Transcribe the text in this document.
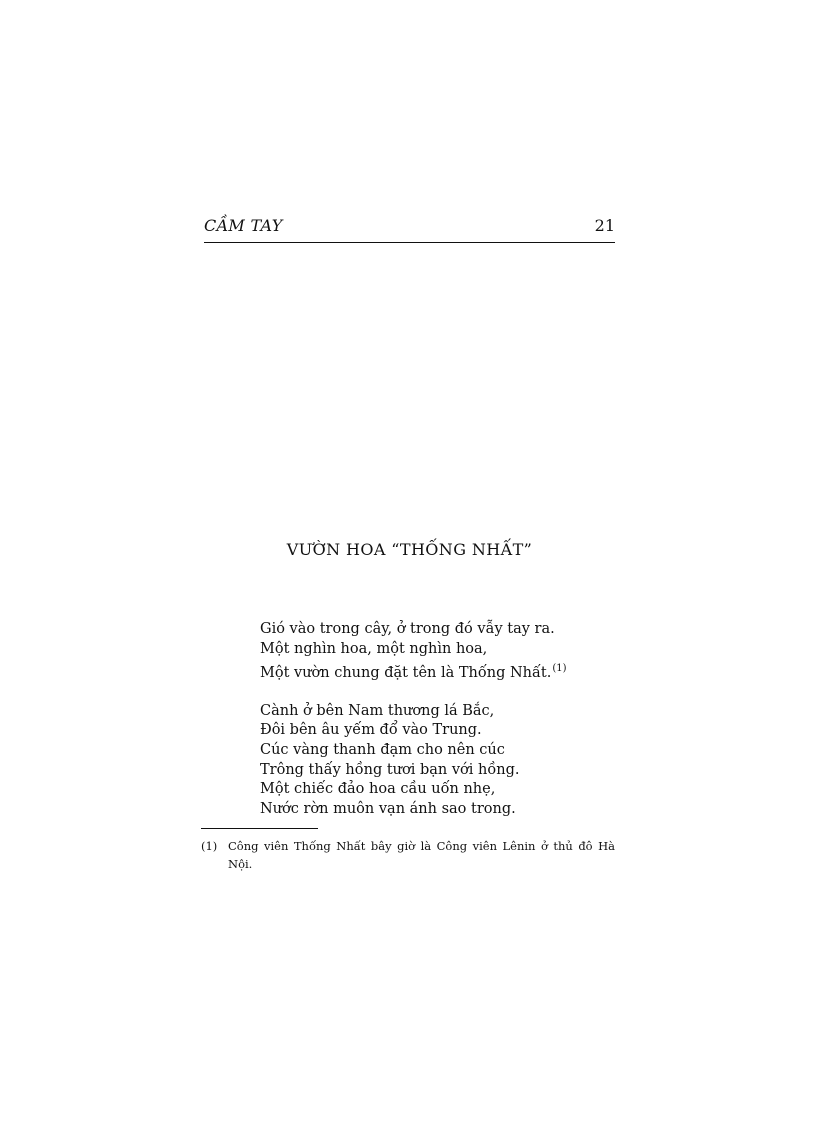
CẦM TAY	21
VƯỜN HOA “THỐNG NHẤT”
Gió vào trong cây, ở trong đó vẫy tay ra.
Một nghìn hoa, một nghìn hoa,
Một vườn chung đặt tên là Thống Nhất.$^{(1)}$
Cành ở bên Nam thương lá Bắc,
Đôi bên âu yếm đổ vào Trung.
Cúc vàng thanh đạm cho nên cúc
Trông thấy hồng tươi bạn với hồng.
Một chiếc đảo hoa cầu uốn nhẹ,
Nước rờn muôn vạn ánh sao trong.
(1) Công viên Thống Nhất bây giờ là Công viên Lênin ở thủ đô Hà Nội.
